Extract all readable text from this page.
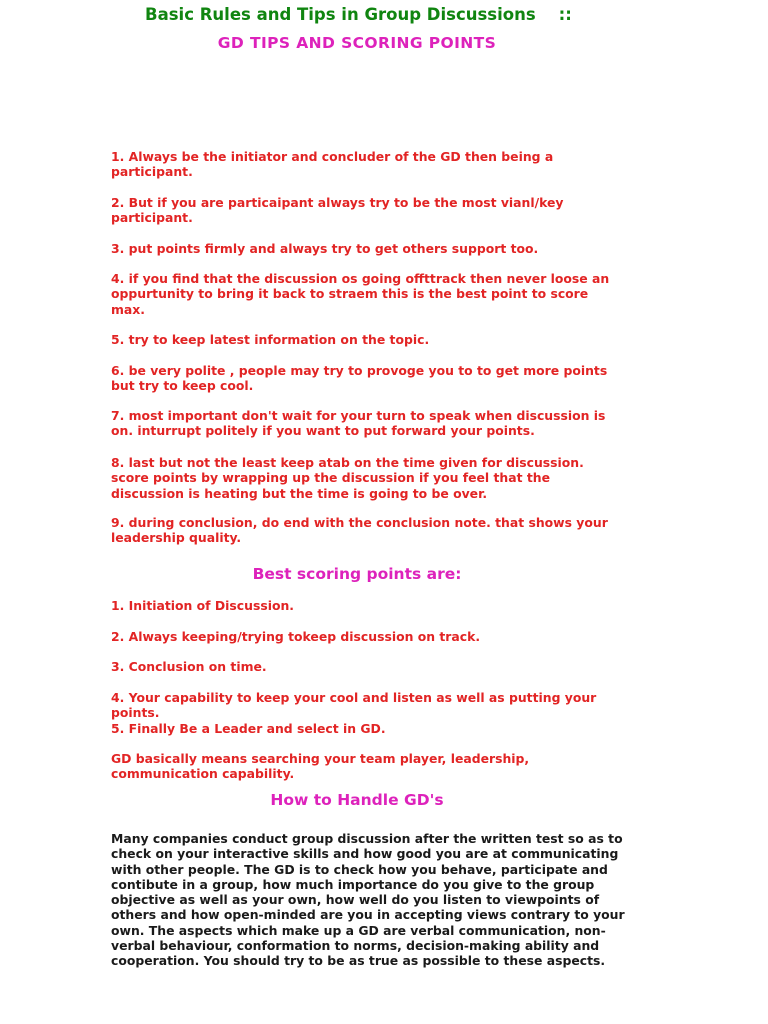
Basic Rules and Tips in Group Discussions    ::
GD TIPS AND SCORING POINTS

1. Always be the initiator and concluder of the GD then being a participant.

2. But if you are particaipant always try to be the most vianl/key participant.

3. put points firmly and always try to get others support too.

4. if you find that the discussion os going offttrack then never loose an oppurtunity to bring it back to straem this is the best point to score max.

5. try to keep latest information on the topic.

6. be very polite , people may try to provoge you to to get more points but try to keep cool.

7. most important don't wait for your turn to speak when discussion is on. inturrupt politely if you want to put forward your points.

8. last but not the least keep atab on the time given for discussion. score points by wrapping up the discussion if you feel that the discussion is heating but the time is going to be over.

9. during conclusion, do end with the conclusion note. that shows your leadership quality.

Best scoring points are:

1. Initiation of Discussion.

2. Always keeping/trying tokeep discussion on track.

3. Conclusion on time.

4. Your capability to keep your cool and listen as well as putting your points.

5. Finally Be a Leader and select in GD.

GD basically means searching your team player, leadership, communication capability.

How to Handle GD's

Many companies conduct group discussion after the written test so as to check on your interactive skills and how good you are at communicating with other people. The GD is to check how you behave, participate and contibute in a group, how much importance do you give to the group objective as well as your own, how well do you listen to viewpoints of others and how open-minded are you in accepting views contrary to your own. The aspects which make up a GD are verbal communication, non-verbal behaviour, conformation to norms, decision-making ability and cooperation. You should try to be as true as possible to these aspects.
